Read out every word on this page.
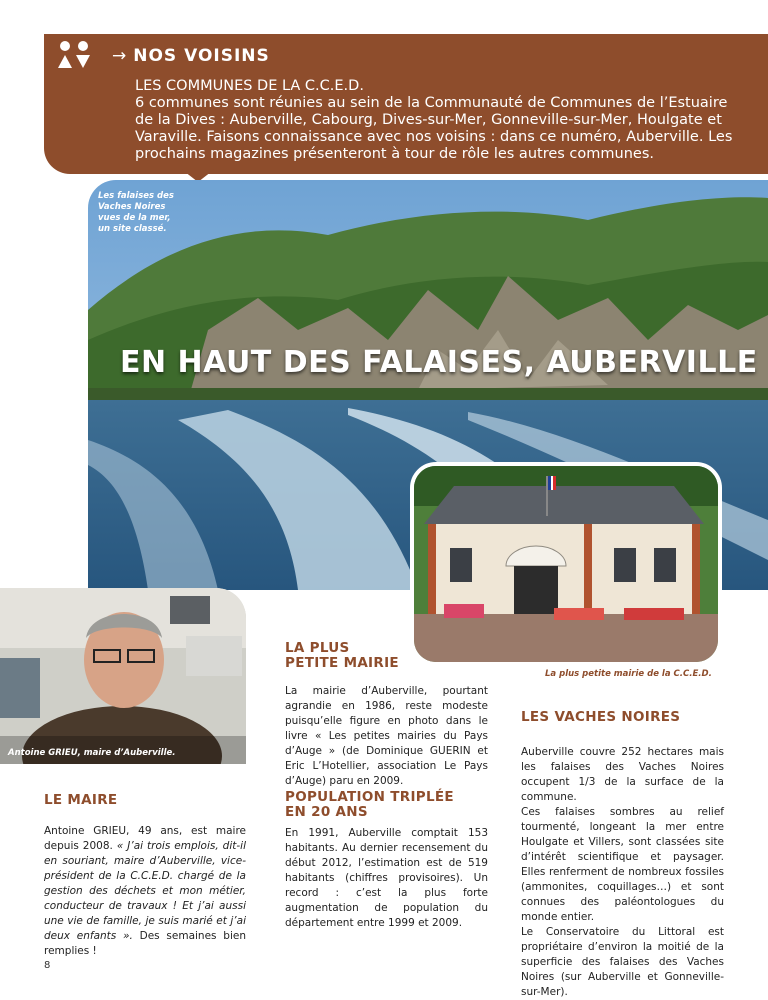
→ NOS VOISINS

LES COMMUNES DE LA C.C.E.D.

6 communes sont réunies au sein de la Communauté de Communes de l’Estuaire de la Dives : Auberville, Cabourg, Dives-sur-Mer, Gonneville-sur-Mer, Houlgate et Varaville. Faisons connaissance avec nos voisins : dans ce numéro, Auberville. Les prochains magazines présenteront à tour de rôle les autres communes.

Les falaises des Vaches Noires vues de la mer, un site classé.
EN HAUT DES FALAISES, AUBERVILLE
La plus petite mairie de la C.C.E.D.
Antoine GRIEU, maire d’Auberville.
LE MAIRE

Antoine GRIEU, 49 ans, est maire depuis 2008. « J’ai trois emplois, dit-il en souriant, maire d’Auberville, vice-président de la C.C.E.D. chargé de la gestion des déchets et mon métier, conducteur de travaux ! Et j’ai aussi une vie de famille, je suis marié et j’ai deux enfants ». Des semaines bien remplies !

LA PLUS
PETITE MAIRIE
La mairie d’Auberville, pourtant agrandie en 1986, reste modeste puisqu’elle figure en photo dans le livre « Les petites mairies du Pays d’Auge » (de Dominique GUERIN et Eric L’Hotellier, association Le Pays d’Auge) paru en 2009.
POPULATION TRIPLÉE
EN 20 ANS
En 1991, Auberville comptait 153 habitants. Au dernier recensement du début 2012, l’estimation est de 519 habitants (chiffres provisoires). Un record : c’est la plus forte augmentation de population du département entre 1999 et 2009.
LES VACHES NOIRES

Auberville couvre 252 hectares mais les falaises des Vaches Noires occupent 1/3 de la surface de la commune.

Ces falaises sombres au relief tourmenté, longeant la mer entre Houlgate et Villers, sont classées site d’intérêt scientifique et paysager. Elles renferment de nombreux fossiles (ammonites, coquillages…) et sont connues des paléontologues du monde entier.

Le Conservatoire du Littoral est propriétaire d’environ la moitié de la superficie des falaises des Vaches Noires (sur Auberville et Gonneville-sur-Mer).

8
